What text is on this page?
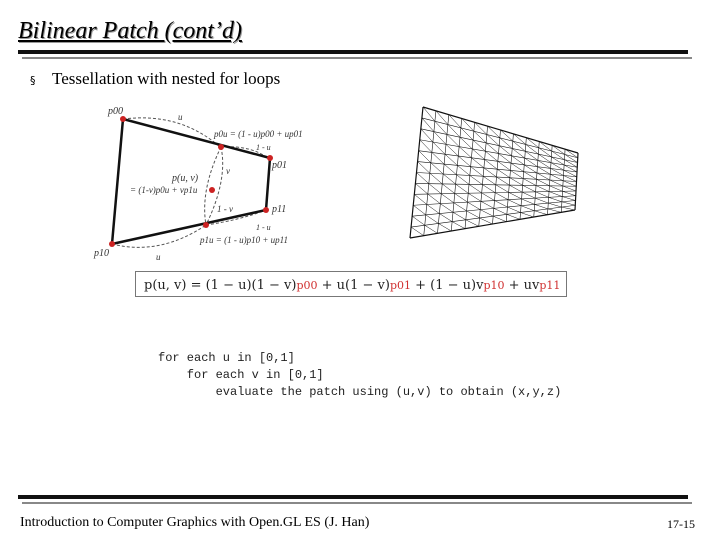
Bilinear Patch (cont’d)
§ Tessellation with nested for loops
p00	u
p0u = (1 - u)p00 + up01
1 - u
p01
p(u, v)
= (1-v)p0u + vp1u
v
1 - v	p11
1 - u
p1u = (1 - u)p10 + up11
p10	u
p(u, v) = (1 − u)(1 − v)p00 + u(1 − v)p01 + (1 − u)vp10 + uvp11
for each u in [0,1]
for each v in [0,1]
evaluate the patch using (u,v) to obtain (x,y,z)
Introduction to Computer Graphics with Open.GL ES (J. Han)	17-15
